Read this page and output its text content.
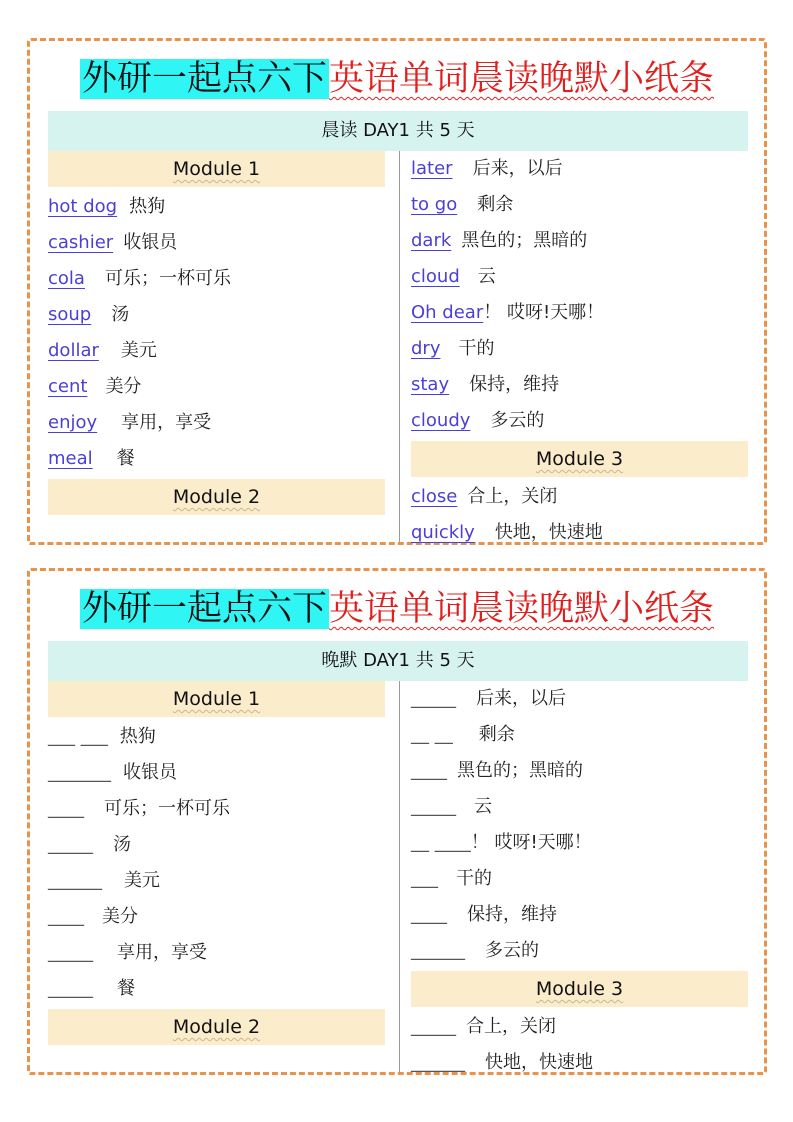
外研一起点六下英语单词晨读晚默小纸条
晨读 DAY1 共 5 天
Module 1
hot dog 热狗
cashier 收银员
cola 可乐；一杯可乐
soup 汤
dollar 美元
cent 美分
enjoy 享用，享受
meal 餐
Module 2
later 后来，以后
to go 剩余
dark 黑色的；黑暗的
cloud 云
Oh dear！ 哎呀!天哪！
dry 干的
stay 保持，维持
cloudy 多云的
Module 3
close 合上，关闭
quickly 快地，快速地
外研一起点六下英语单词晨读晚默小纸条
晚默 DAY1 共 5 天
Module 1
___ ___ 热狗
_______ 收银员
____ 可乐；一杯可乐
_____ 汤
______ 美元
____ 美分
_____ 享用，享受
_____ 餐
Module 2
_____ 后来，以后
__ __ 剩余
____ 黑色的；黑暗的
_____ 云
__ ____！ 哎呀!天哪！
___ 干的
____ 保持，维持
______ 多云的
Module 3
_____ 合上，关闭
______ 快地，快速地
